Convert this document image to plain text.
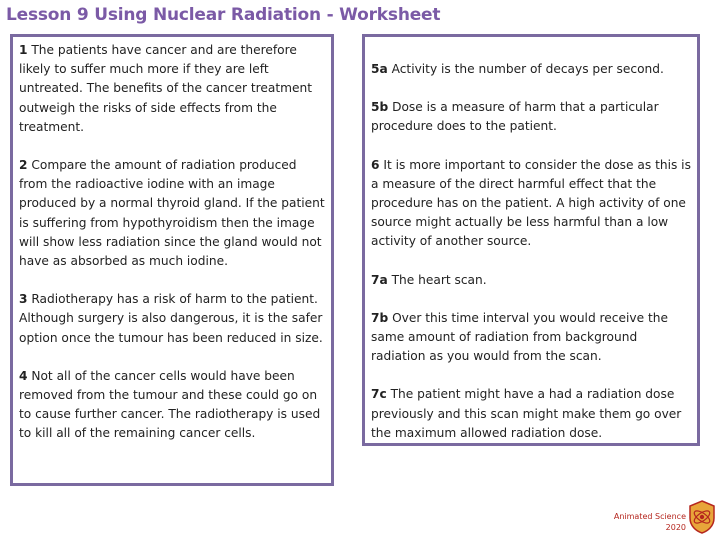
Lesson 9 Using Nuclear Radiation - Worksheet

1 The patients have cancer and are therefore likely to suffer much more if they are left untreated. The benefits of the cancer treatment outweigh the risks of side effects from the treatment.

2 Compare the amount of radiation produced from the radioactive iodine with an image produced by a normal thyroid gland. If the patient is suffering from hypothyroidism then the image will show less radiation since the gland would not have as absorbed as much iodine.

3 Radiotherapy has a risk of harm to the patient. Although surgery is also dangerous, it is the safer option once the tumour has been reduced in size.

4 Not all of the cancer cells would have been removed from the tumour and these could go on to cause further cancer. The radiotherapy is used to kill all of the remaining cancer cells.

5a Activity is the number of decays per second.

5b Dose is a measure of harm that a particular procedure does to the patient.

6 It is more important to consider the dose as this is a measure of the direct harmful effect that the procedure has on the patient. A high activity of one source might actually be less harmful than a low activity of another source.

7a The heart scan.

7b Over this time interval you would receive the same amount of radiation from background radiation as you would from the scan.

7c The patient might have a had a radiation dose previously and this scan might make them go over the maximum allowed radiation dose.

Animated Science
2020
